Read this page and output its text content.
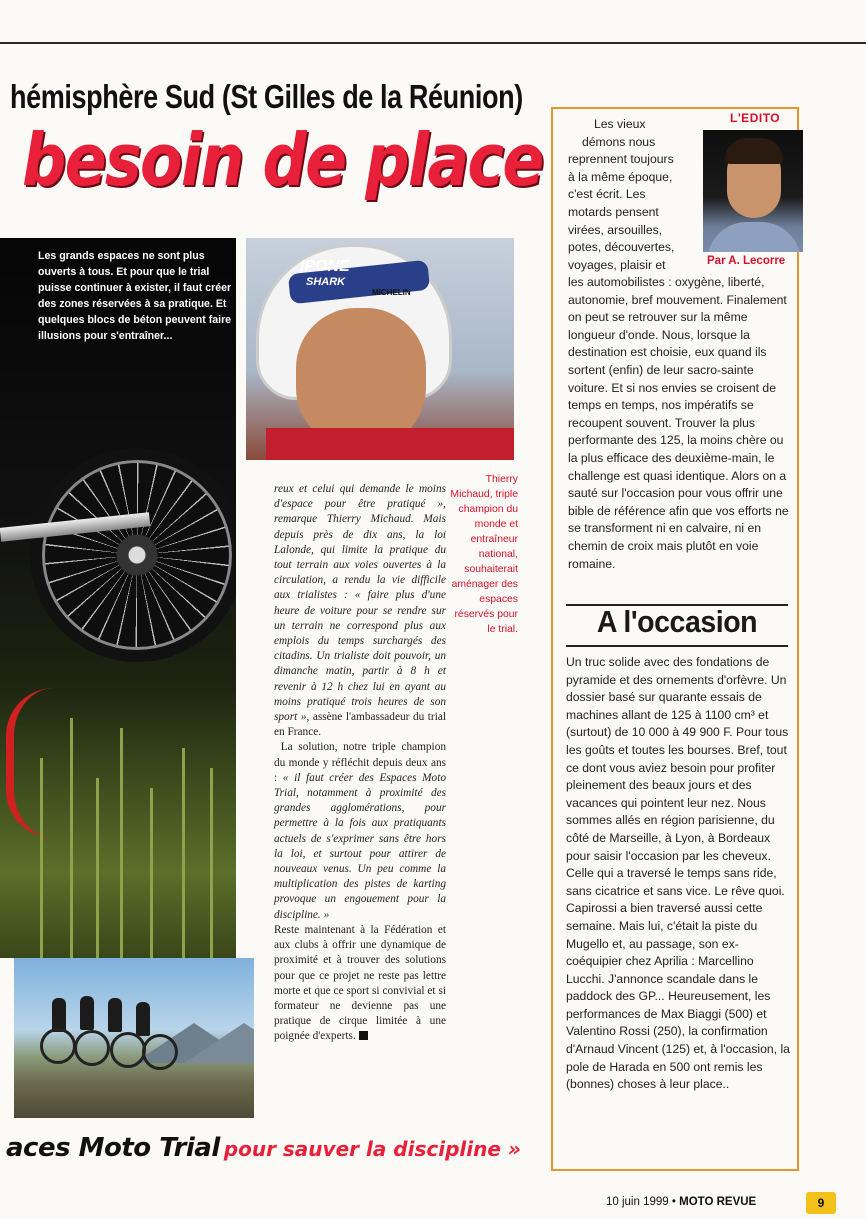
hémisphère Sud (St Gilles de la Réunion)
besoin de place
Les grands espaces ne sont plus ouverts à tous. Et pour que le trial puisse continuer à exister, il faut créer des zones réservées à sa pratique. Et quelques blocs de béton peuvent faire illusions pour s'entraîner...
IPONE
SHARK
MICHELIN

reux et celui qui demande le moins d'espace pour être pratiqué », remarque Thierry Michaud. Mais depuis près de dix ans, la loi Lalonde, qui limite la pratique du tout terrain aux voies ouvertes à la circulation, a rendu la vie difficile aux trialistes : « faire plus d'une heure de voiture pour se rendre sur un terrain ne correspond plus aux emplois du temps surchargés des citadins. Un trialiste doit pouvoir, un dimanche matin, partir à 8 h et revenir à 12 h chez lui en ayant au moins pratiqué trois heures de son sport », assène l'ambassadeur du trial en France.

La solution, notre triple champion du monde y réfléchit depuis deux ans : « il faut créer des Espaces Moto Trial, notamment à proximité des grandes agglomérations, pour permettre à la fois aux pratiquants actuels de s'exprimer sans être hors la loi, et surtout pour attirer de nouveaux venus. Un peu comme la multiplication des pistes de karting provoque un engouement pour la discipline. »

Reste maintenant à la Fédération et aux clubs à offrir une dynamique de proximité et à trouver des solutions pour que ce projet ne reste pas lettre morte et que ce sport si convivial et si formateur ne devienne pas une pratique de cirque limitée à une poignée d'experts.

Thierry Michaud, triple champion du monde et entraîneur national, souhaiterait aménager des espaces réservés pour le trial.
L'EDITO
Par A. Lecorre
Les vieux
démons nous
reprennent toujours
à la même époque,
c'est écrit. Les
motards pensent
virées, arsouilles,
potes, découvertes,
voyages, plaisir et
les automobilistes : oxygène, liberté, autonomie, bref mouvement. Finalement on peut se retrouver sur la même longueur d'onde. Nous, lorsque la destination est choisie, eux quand ils sortent (enfin) de leur sacro-sainte voiture. Et si nos envies se croisent de temps en temps, nos impératifs se recoupent souvent. Trouver la plus performante des 125, la moins chère ou la plus efficace des deuxième-main, le challenge est quasi identique. Alors on a sauté sur l'occasion pour vous offrir une bible de référence afin que vos efforts ne se transforment ni en calvaire, ni en chemin de croix mais plutôt en voie romaine.
A l'occasion
Un truc solide avec des fondations de pyramide et des ornements d'orfèvre. Un dossier basé sur quarante essais de machines allant de 125 à 1100 cm³ et (surtout) de 10 000 à 49 900 F. Pour tous les goûts et toutes les bourses. Bref, tout ce dont vous aviez besoin pour profiter pleinement des beaux jours et des vacances qui pointent leur nez. Nous sommes allés en région parisienne, du côté de Marseille, à Lyon, à Bordeaux pour saisir l'occasion par les cheveux. Celle qui a traversé le temps sans ride, sans cicatrice et sans vice. Le rêve quoi. Capirossi a bien traversé aussi cette semaine. Mais lui, c'était la piste du Mugello et, au passage, son ex-coéquipier chez Aprilia : Marcellino Lucchi. J'annonce scandale dans le paddock des GP... Heureusement, les performances de Max Biaggi (500) et Valentino Rossi (250), la confirmation d'Arnaud Vincent (125) et, à l'occasion, la pole de Harada en 500 ont remis les (bonnes) choses à leur place..
aces Moto Trial pour sauver la discipline »
10 juin 1999 • MOTO REVUE	9
